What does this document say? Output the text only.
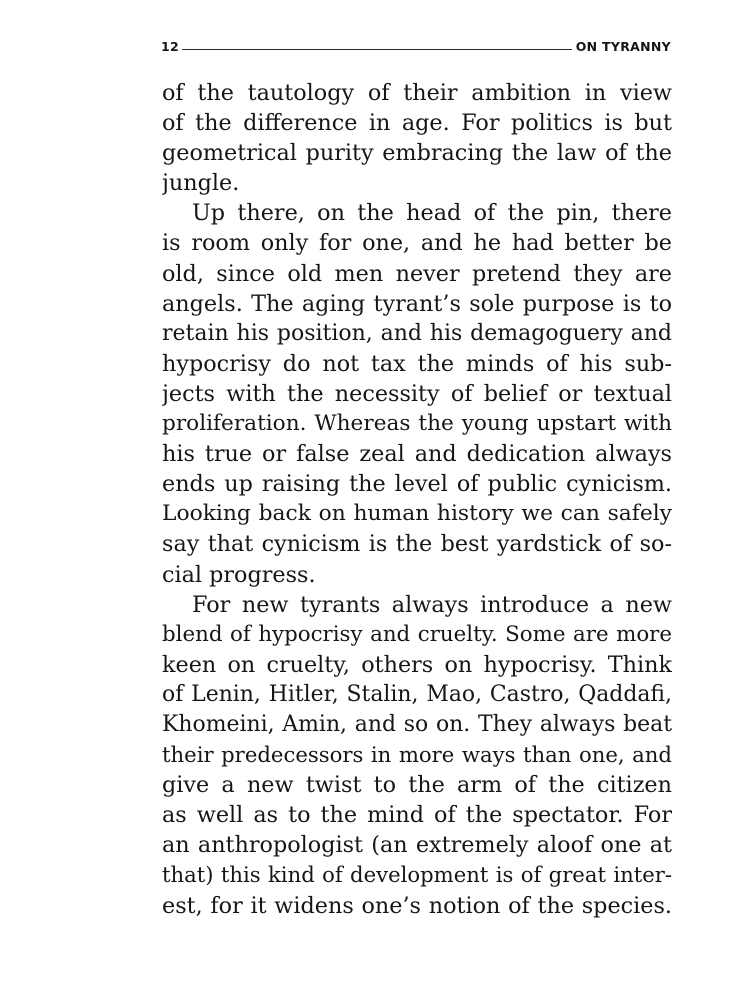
12	ON TYRANNY
of the tautology of their ambition in view
of the difference in age. For politics is but
geometrical purity embracing the law of the
jungle.
Up there, on the head of the pin, there
is room only for one, and he had better be
old, since old men never pretend they are
angels. The aging tyrant’s sole purpose is to
retain his position, and his demagoguery and
hypocrisy do not tax the minds of his sub-
jects with the necessity of belief or textual
proliferation. Whereas the young upstart with
his true or false zeal and dedication always
ends up raising the level of public cynicism.
Looking back on human history we can safely
say that cynicism is the best yardstick of so-
cial progress.
For new tyrants always introduce a new
blend of hypocrisy and cruelty. Some are more
keen on cruelty, others on hypocrisy. Think
of Lenin, Hitler, Stalin, Mao, Castro, Qaddafi,
Khomeini, Amin, and so on. They always beat
their predecessors in more ways than one, and
give a new twist to the arm of the citizen
as well as to the mind of the spectator. For
an anthropologist (an extremely aloof one at
that) this kind of development is of great inter-
est, for it widens one’s notion of the species.
